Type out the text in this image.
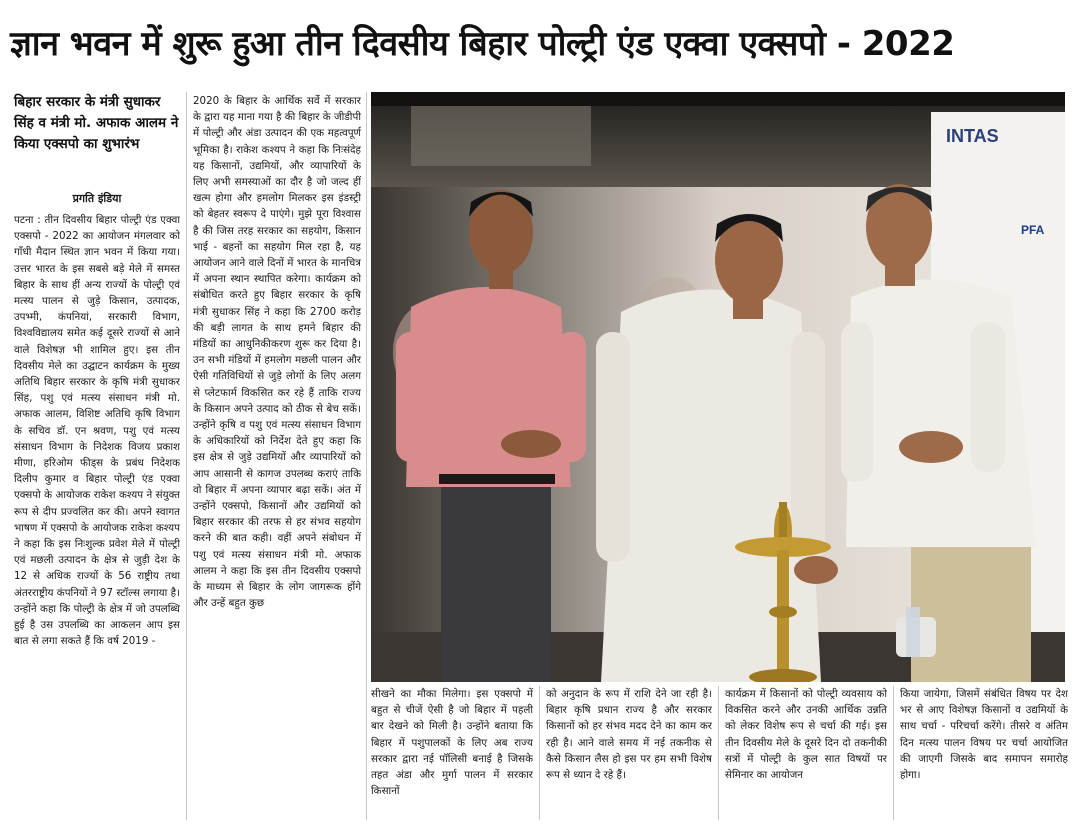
ज्ञान भवन में शुरू हुआ तीन दिवसीय बिहार पोल्ट्री एंड एक्वा एक्सपो - 2022
बिहार सरकार के मंत्री सुधाकर सिंह व मंत्री मो. अफाक आलम ने किया एक्सपो का शुभारंभ
प्रगति इंडिया
पटना : तीन दिवसीय बिहार पोल्ट्री एंड एक्वा एक्सपो - 2022 का आयोजन मंगलवार को गाँधी मैदान स्थित ज्ञान भवन में किया गया। उत्तर भारत के इस सबसे बड़े मेले में समस्त बिहार के साथ हीं अन्य राज्यों के पोल्ट्री एवं मत्स्य पालन से जुड़े किसान, उत्पादक, उपभ्मी, कंपनियां, सरकारी विभाग, विश्वविद्यालय समेत कई दूसरे राज्यों से आने वाले विशेषज्ञ भी शामिल हुए। इस तीन दिवसीय मेले का उद्घाटन कार्यक्रम के मुख्य अतिथि बिहार सरकार के कृषि मंत्री सुधाकर सिंह, पशु एवं मत्स्य संसाधन मंत्री मो. अफाक आलम, विशिष्ट अतिथि कृषि विभाग के सचिव डॉ. एन श्रवण, पशु एवं मत्स्य संसाधन विभाग के निदेशक विजय प्रकाश मीणा, हरिओम फीड्स के प्रबंध निदेशक दिलीप कुमार व बिहार पोल्ट्री एंड एक्वा एक्सपो के आयोजक राकेश कश्यप ने संयुक्त रूप से दीप प्रज्वलित कर की। अपने स्वागत भाषण में एक्सपो के आयोजक राकेश कश्यप ने कहा कि इस निःशुल्क प्रवेश मेले में पोल्ट्री एवं मछली उत्पादन के क्षेत्र से जुड़ी देश के 12 से अधिक राज्यों के 56 राष्ट्रीय तथा अंतरराष्ट्रीय कंपनियों ने 97 स्टॉल्स लगाया है। उन्होंने कहा कि पोल्ट्री के क्षेत्र में जो उपलब्धि हुई है उस उपलब्धि का आकलन आप इस बात से लगा सकते हैं कि वर्ष 2019 -
2020 के बिहार के आर्थिक सर्वे में सरकार के द्वारा यह माना गया है की बिहार के जीडीपी में पोल्ट्री और अंडा उत्पादन की एक महत्वपूर्ण भूमिका है। राकेश कश्यप ने कहा कि निःसंदेह यह किसानों, उद्यमियों, और व्यापारियों के लिए अभी समस्याओं का दौर है जो जल्द हीं खत्म होगा और हमलोग मिलकर इस इंडस्ट्री को बेहतर स्वरूप दे पाएंगे। मुझे पूरा विश्वास है की जिस तरह सरकार का सहयोग, किसान भाई - बहनों का सहयोग मिल रहा है, यह आयोजन आने वाले दिनों में भारत के मानचित्र में अपना स्थान स्थापित करेगा। कार्यक्रम को संबोधित करते हुए बिहार सरकार के कृषि मंत्री सुधाकर सिंह ने कहा कि 2700 करोड़ की बड़ी लागत के साथ हमने बिहार की मंडियों का आधुनिकीकरण शुरू कर दिया है। उन सभी मंडियों में हमलोग मछली पालन और ऐसी गतिविधियों से जुड़े लोगों के लिए अलग से प्लेटफार्म विकसित कर रहे हैं ताकि राज्य के किसान अपने उत्पाद को ठीक से बेच सकें। उन्होंने कृषि व पशु एवं मत्स्य संसाधन विभाग के अधिकारियों को निर्देश देते हुए कहा कि इस क्षेत्र से जुड़े उद्यमियों और व्यापारियों को आप आसानी से कागज उपलब्ध कराएं ताकि वो बिहार में अपना व्यापार बढ़ा सकें। अंत में उन्होंने एक्सपो, किसानों और उद्यमियों को बिहार सरकार की तरफ से हर संभव सहयोग करने की बात कही। वहीं अपने संबोधन में पशु एवं मत्स्य संसाधन मंत्री मो. अफाक आलम ने कहा कि इस तीन दिवसीय एक्सपो के माध्यम से बिहार के लोग जागरूक होंगे और उन्हें बहुत कुछ
INTAS
PFA
सीखने का मौका मिलेगा। इस एक्सपो में बहुत से चीजें ऐसी है जो बिहार में पहली बार देखने को मिली है। उन्होंने बताया कि बिहार में पशुपालकों के लिए अब राज्य सरकार द्वारा नई पॉलिसी बनाई है जिसके तहत अंडा और मुर्गा पालन में सरकार किसानों
को अनुदान के रूप में राशि देने जा रही है। बिहार कृषि प्रधान राज्य है और सरकार किसानों को हर संभव मदद देने का काम कर रही है। आने वाले समय में नई तकनीक से कैसे किसान लैस हो इस पर हम सभी विशेष रूप से ध्यान दे रहे हैं।
कार्यक्रम में किसानों को पोल्ट्री व्यवसाय को विकसित करने और उनकी आर्थिक उन्नति को लेकर विशेष रूप से चर्चा की गई। इस तीन दिवसीय मेले के दूसरे दिन दो तकनीकी सत्रों में पोल्ट्री के कुल सात विषयों पर सेमिनार का आयोजन
किया जायेगा, जिसमें संबंधित विषय पर देश भर से आए विशेषज्ञ किसानों व उद्यमियों के साथ चर्चा - परिचर्चा करेंगे। तीसरे व अंतिम दिन मत्स्य पालन विषय पर चर्चा आयोजित की जाएगी जिसके बाद समापन समारोह होगा।
